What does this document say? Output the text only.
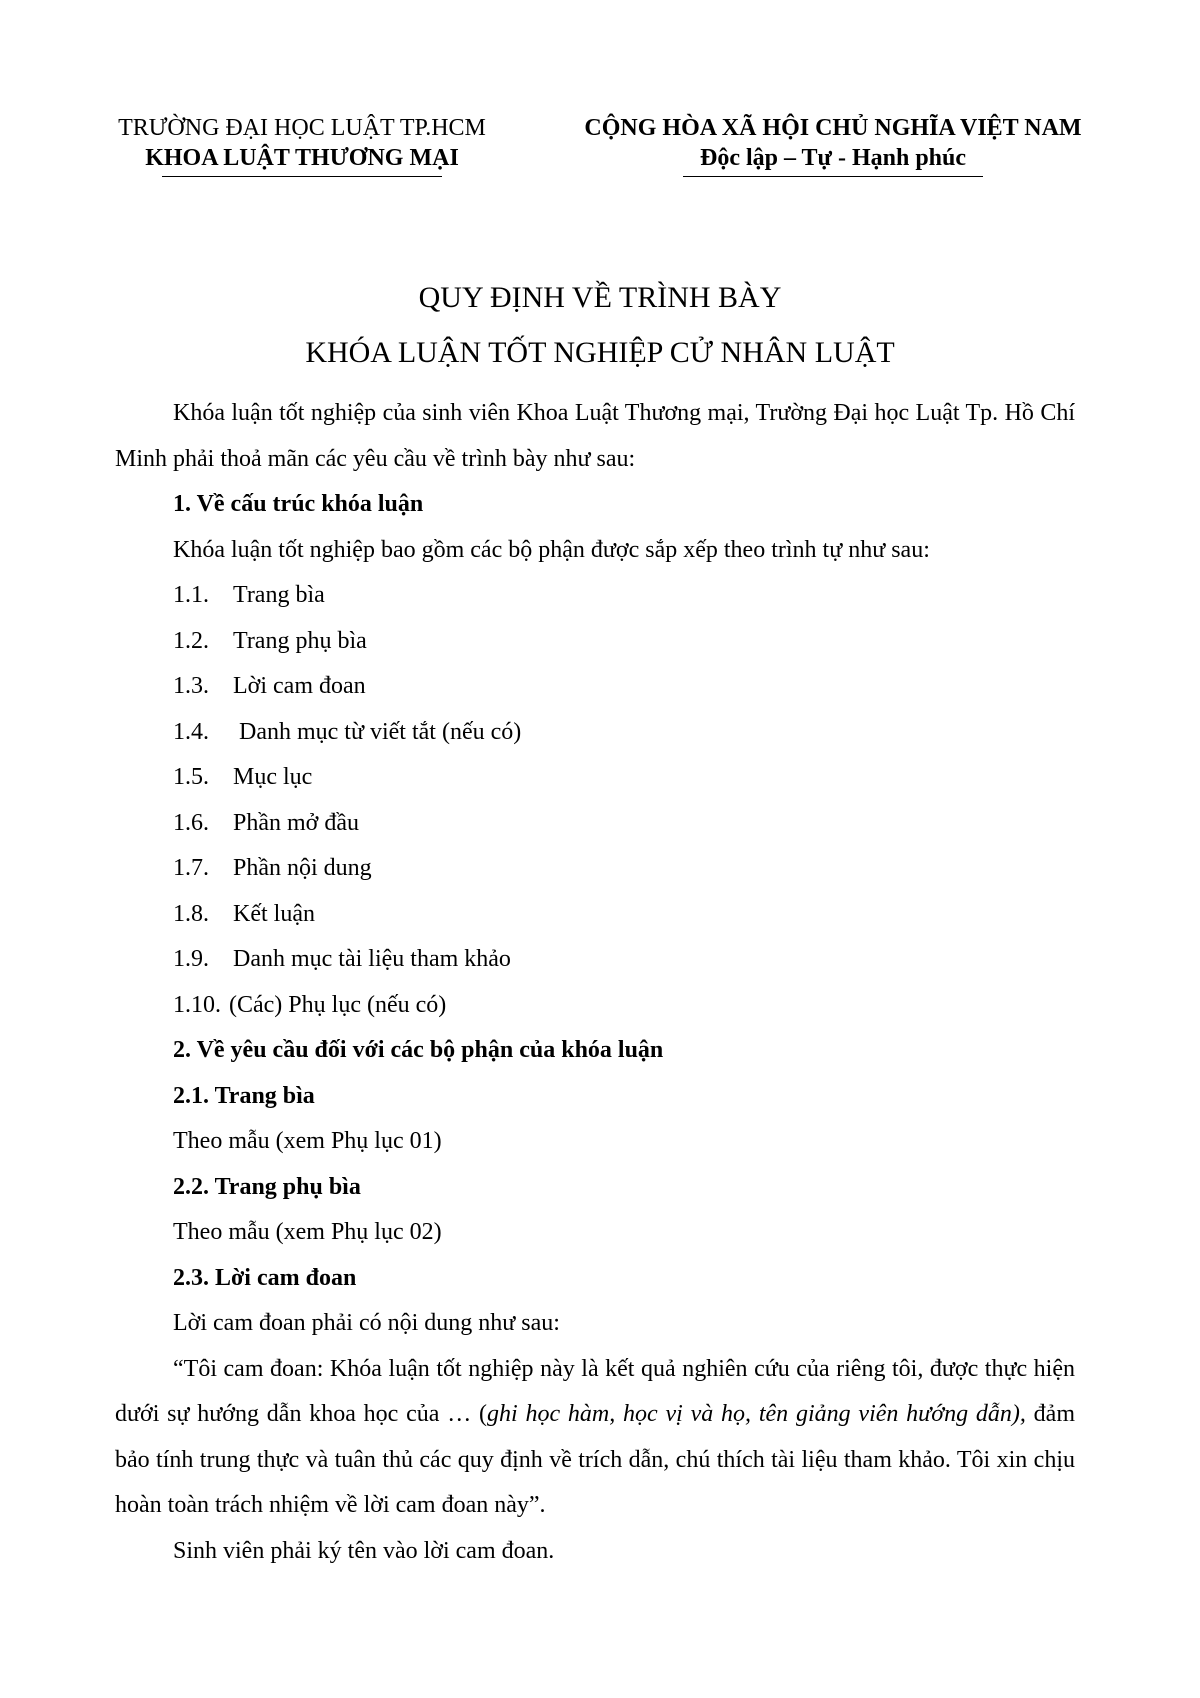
TRƯỜNG ĐẠI HỌC LUẬT TP.HCM
KHOA LUẬT THƯƠNG MẠI
CỘNG HÒA XÃ HỘI CHỦ NGHĨA VIỆT NAM
Độc lập – Tự - Hạnh phúc
QUY ĐỊNH VỀ TRÌNH BÀY
KHÓA LUẬN TỐT NGHIỆP CỬ NHÂN LUẬT

Khóa luận tốt nghiệp của sinh viên Khoa Luật Thương mại, Trường Đại học Luật Tp. Hồ Chí Minh phải thoả mãn các yêu cầu về trình bày như sau:

1. Về cấu trúc khóa luận

Khóa luận tốt nghiệp bao gồm các bộ phận được sắp xếp theo trình tự như sau:

1.1.	Trang bìa
1.2.	Trang phụ bìa
1.3.	Lời cam đoan
1.4.	Danh mục từ viết tắt (nếu có)
1.5.	Mục lục
1.6.	Phần mở đầu
1.7.	Phần nội dung
1.8.	Kết luận
1.9.	Danh mục tài liệu tham khảo
1.10. (Các) Phụ lục (nếu có)

2. Về yêu cầu đối với các bộ phận của khóa luận

2.1. Trang bìa

Theo mẫu (xem Phụ lục 01)

2.2. Trang phụ bìa

Theo mẫu (xem Phụ lục 02)

2.3. Lời cam đoan

Lời cam đoan phải có nội dung như sau:

“Tôi cam đoan: Khóa luận tốt nghiệp này là kết quả nghiên cứu của riêng tôi, được thực hiện dưới sự hướng dẫn khoa học của … (ghi học hàm, học vị và họ, tên giảng viên hướng dẫn), đảm bảo tính trung thực và tuân thủ các quy định về trích dẫn, chú thích tài liệu tham khảo. Tôi xin chịu hoàn toàn trách nhiệm về lời cam đoan này”.

Sinh viên phải ký tên vào lời cam đoan.
